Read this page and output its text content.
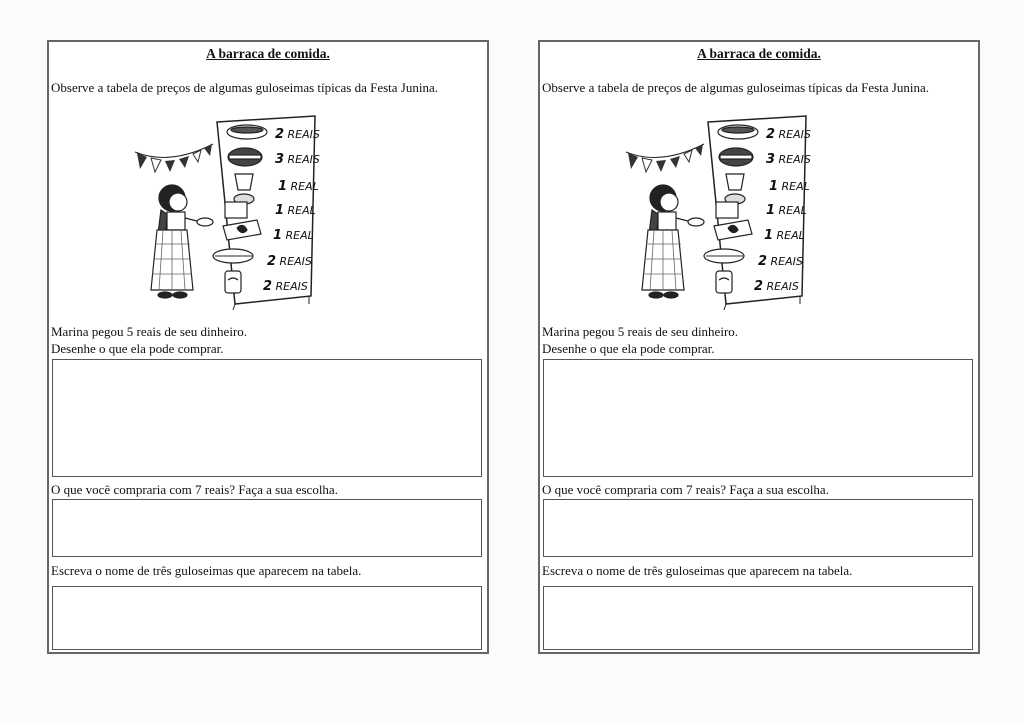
A barraca de comida.
Observe a tabela de preços de algumas guloseimas típicas da Festa Junina.
2 REAIS
3 REAIS
1 REAL
1 REAL
1 REAL
2 REAIS
2 REAIS
Marina pegou 5 reais de seu dinheiro.
Desenhe o que ela pode comprar.
O que você compraria com 7 reais? Faça a sua escolha.
Escreva o nome de três guloseimas que aparecem na tabela.
A barraca de comida.
Observe a tabela de preços de algumas guloseimas típicas da Festa Junina.
2 REAIS
3 REAIS
1 REAL
1 REAL
1 REAL
2 REAIS
2 REAIS
Marina pegou 5 reais de seu dinheiro.
Desenhe o que ela pode comprar.
O que você compraria com 7 reais? Faça a sua escolha.
Escreva o nome de três guloseimas que aparecem na tabela.
